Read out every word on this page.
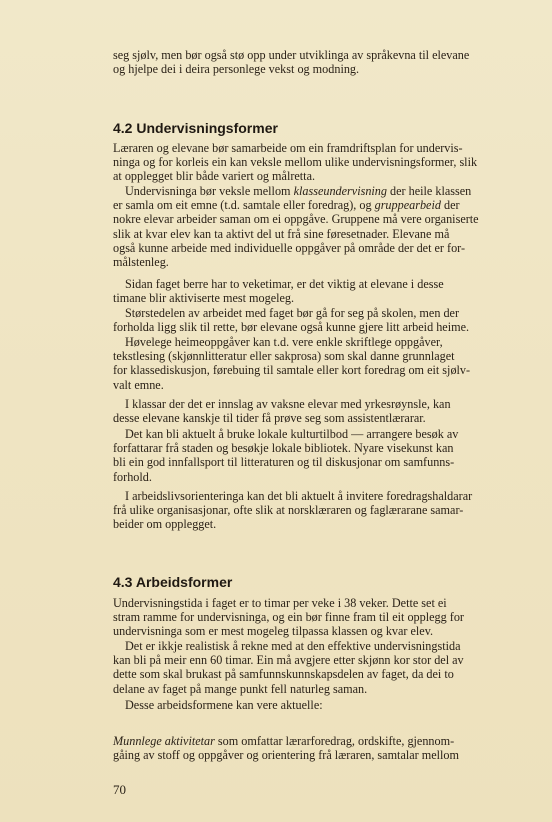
seg sjølv, men bør også stø opp under utviklinga av språkevna til elevane
og hjelpe dei i deira personlege vekst og modning.
4.2 Undervisningsformer
Læraren og elevane bør samarbeide om ein framdriftsplan for undervis-
ninga og for korleis ein kan veksle mellom ulike undervisningsformer, slik
at opplegget blir både variert og målretta.
Undervisninga bør veksle mellom klasseundervisning der heile klassen
er samla om eit emne (t.d. samtale eller foredrag), og gruppearbeid der
nokre elevar arbeider saman om ei oppgåve. Gruppene må vere organiserte
slik at kvar elev kan ta aktivt del ut frå sine føresetnader. Elevane må
også kunne arbeide med individuelle oppgåver på område der det er for-
målstenleg.
Sidan faget berre har to veketimar, er det viktig at elevane i desse
timane blir aktiviserte mest mogeleg.
Størstedelen av arbeidet med faget bør gå for seg på skolen, men der
forholda ligg slik til rette, bør elevane også kunne gjere litt arbeid heime.
Høvelege heimeoppgåver kan t.d. vere enkle skriftlege oppgåver,
tekstlesing (skjønnlitteratur eller sakprosa) som skal danne grunnlaget
for klassediskusjon, førebuing til samtale eller kort foredrag om eit sjølv-
valt emne.
I klassar der det er innslag av vaksne elevar med yrkesrøynsle, kan
desse elevane kanskje til tider få prøve seg som assistentlærarar.
Det kan bli aktuelt å bruke lokale kulturtilbod — arrangere besøk av
forfattarar frå staden og besøkje lokale bibliotek. Nyare visekunst kan
bli ein god innfallsport til litteraturen og til diskusjonar om samfunns-
forhold.
I arbeidslivsorienteringa kan det bli aktuelt å invitere foredragshaldarar
frå ulike organisasjonar, ofte slik at norsklæraren og faglærarane samar-
beider om opplegget.
4.3 Arbeidsformer
Undervisningstida i faget er to timar per veke i 38 veker. Dette set ei
stram ramme for undervisninga, og ein bør finne fram til eit opplegg for
undervisninga som er mest mogeleg tilpassa klassen og kvar elev.
Det er ikkje realistisk å rekne med at den effektive undervisningstida
kan bli på meir enn 60 timar. Ein må avgjere etter skjønn kor stor del av
dette som skal brukast på samfunnskunnskapsdelen av faget, da dei to
delane av faget på mange punkt fell naturleg saman.
Desse arbeidsformene kan vere aktuelle:
Munnlege aktivitetar som omfattar lærarforedrag, ordskifte, gjennom-
gåing av stoff og oppgåver og orientering frå læraren, samtalar mellom
70
